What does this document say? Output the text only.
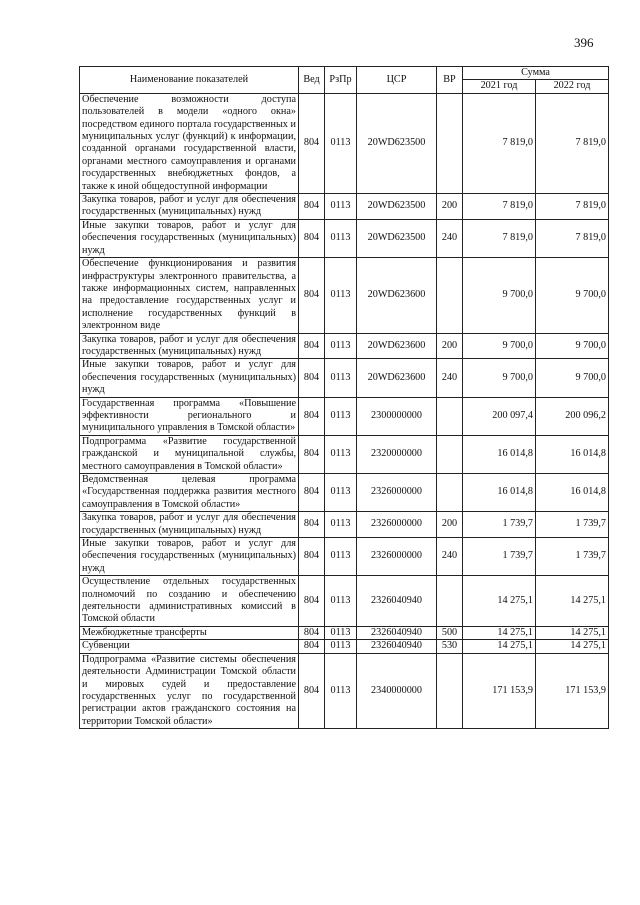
396
Наименование показателей	Вед	РзПр	ЦСР	ВР	Сумма	
					2021 год	2022 год
Обеспечение возможности доступа пользователей в модели «одного окна» посредством единого портала государственных и муниципальных услуг (функций) к информации, созданной органами государственной власти, органами местного самоуправления и органами государственных внебюджетных фондов, а также к иной общедоступной информации	804	0113	20WD623500		7 819,0	7 819,0
Закупка товаров, работ и услуг для обеспечения государственных (муниципальных) нужд	804	0113	20WD623500	200	7 819,0	7 819,0
Иные закупки товаров, работ и услуг для обеспечения государственных (муниципальных) нужд	804	0113	20WD623500	240	7 819,0	7 819,0
Обеспечение функционирования и развития инфраструктуры электронного правительства, а также информационных систем, направленных на предоставление государственных услуг и исполнение государственных функций в электронном виде	804	0113	20WD623600		9 700,0	9 700,0
Закупка товаров, работ и услуг для обеспечения государственных (муниципальных) нужд	804	0113	20WD623600	200	9 700,0	9 700,0
Иные закупки товаров, работ и услуг для обеспечения государственных (муниципальных) нужд	804	0113	20WD623600	240	9 700,0	9 700,0
Государственная программа «Повышение эффективности регионального и муниципального управления в Томской области»	804	0113	2300000000		200 097,4	200 096,2
Подпрограмма «Развитие государственной гражданской и муниципальной службы, местного самоуправления в Томской области»	804	0113	2320000000		16 014,8	16 014,8
Ведомственная целевая программа «Государственная поддержка развития местного самоуправления в Томской области»	804	0113	2326000000		16 014,8	16 014,8
Закупка товаров, работ и услуг для обеспечения государственных (муниципальных) нужд	804	0113	2326000000	200	1 739,7	1 739,7
Иные закупки товаров, работ и услуг для обеспечения государственных (муниципальных) нужд	804	0113	2326000000	240	1 739,7	1 739,7
Осуществление отдельных государственных полномочий по созданию и обеспечению деятельности административных комиссий в Томской области	804	0113	2326040940		14 275,1	14 275,1
Межбюджетные трансферты	804	0113	2326040940	500	14 275,1	14 275,1
Субвенции	804	0113	2326040940	530	14 275,1	14 275,1
Подпрограмма «Развитие системы обеспечения деятельности Администрации Томской области и мировых судей и предоставление государственных услуг по государственной регистрации актов гражданского состояния на территории Томской области»	804	0113	2340000000		171 153,9	171 153,9
